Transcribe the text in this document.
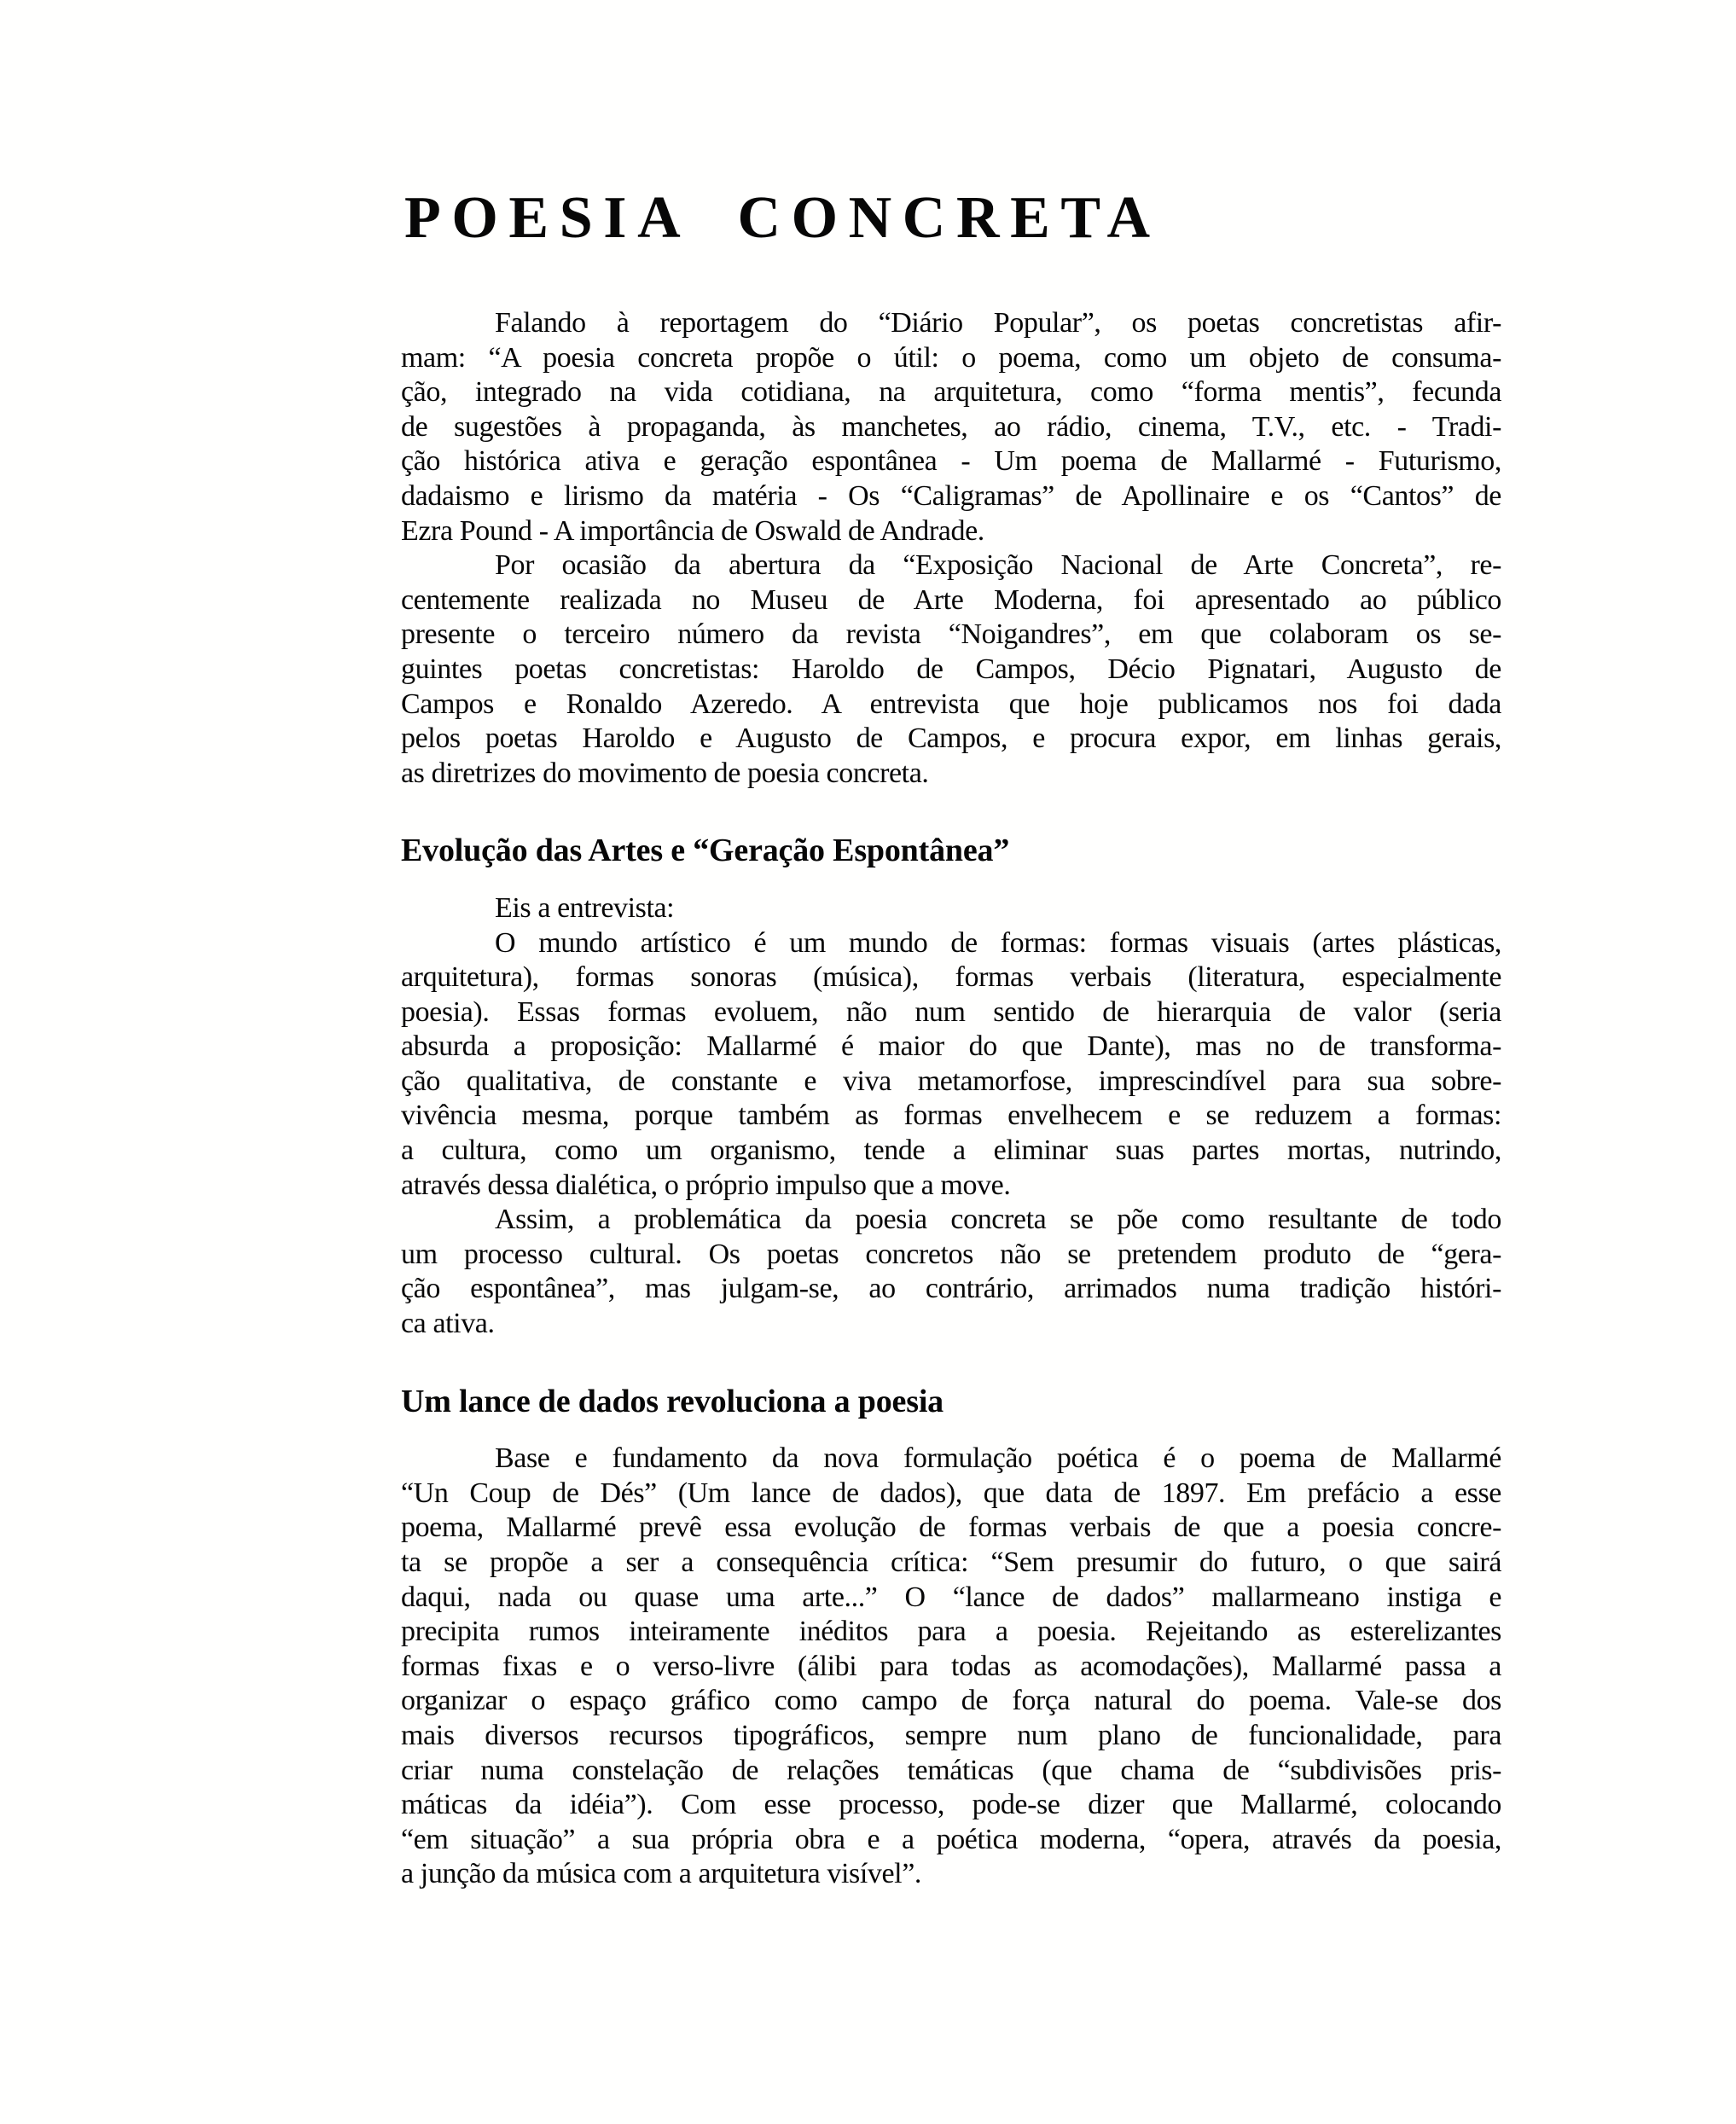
POESIA CONCRETA

Falando à reportagem do “Diário Popular”, os poetas concretistas afir-
mam: “A poesia concreta propõe o útil: o poema, como um objeto de consuma-
ção, integrado na vida cotidiana, na arquitetura, como “forma mentis”, fecunda
de sugestões à propaganda, às manchetes, ao rádio, cinema, T.V., etc. - Tradi-
ção histórica ativa e geração espontânea - Um poema de Mallarmé - Futurismo,
dadaismo e lirismo da matéria - Os “Caligramas” de Apollinaire e os “Cantos” de
Ezra Pound - A importância de Oswald de Andrade.

Por ocasião da abertura da “Exposição Nacional de Arte Concreta”, re-
centemente realizada no Museu de Arte Moderna, foi apresentado ao público
presente o terceiro número da revista “Noigandres”, em que colaboram os se-
guintes poetas concretistas: Haroldo de Campos, Décio Pignatari, Augusto de
Campos e Ronaldo Azeredo. A entrevista que hoje publicamos nos foi dada
pelos poetas Haroldo e Augusto de Campos, e procura expor, em linhas gerais,
as diretrizes do movimento de poesia concreta.

Evolução das Artes e “Geração Espontânea”

Eis a entrevista:

O mundo artístico é um mundo de formas: formas visuais (artes plásticas,
arquitetura), formas sonoras (música), formas verbais (literatura, especialmente
poesia). Essas formas evoluem, não num sentido de hierarquia de valor (seria
absurda a proposição: Mallarmé é maior do que Dante), mas no de transforma-
ção qualitativa, de constante e viva metamorfose, imprescindível para sua sobre-
vivência mesma, porque também as formas envelhecem e se reduzem a formas:
a cultura, como um organismo, tende a eliminar suas partes mortas, nutrindo,
através dessa dialética, o próprio impulso que a move.

Assim, a problemática da poesia concreta se põe como resultante de todo
um processo cultural. Os poetas concretos não se pretendem produto de “gera-
ção espontânea”, mas julgam-se, ao contrário, arrimados numa tradição históri-
ca ativa.

Um lance de dados revoluciona a poesia

Base e fundamento da nova formulação poética é o poema de Mallarmé
“Un Coup de Dés” (Um lance de dados), que data de 1897. Em prefácio a esse
poema, Mallarmé prevê essa evolução de formas verbais de que a poesia concre-
ta se propõe a ser a consequência crítica: “Sem presumir do futuro, o que sairá
daqui, nada ou quase uma arte...” O “lance de dados” mallarmeano instiga e
precipita rumos inteiramente inéditos para a poesia. Rejeitando as esterelizantes
formas fixas e o verso-livre (álibi para todas as acomodações), Mallarmé passa a
organizar o espaço gráfico como campo de força natural do poema. Vale-se dos
mais diversos recursos tipográficos, sempre num plano de funcionalidade, para
criar numa constelação de relações temáticas (que chama de “subdivisões pris-
máticas da idéia”). Com esse processo, pode-se dizer que Mallarmé, colocando
“em situação” a sua própria obra e a poética moderna, “opera, através da poesia,
a junção da música com a arquitetura visível”.
